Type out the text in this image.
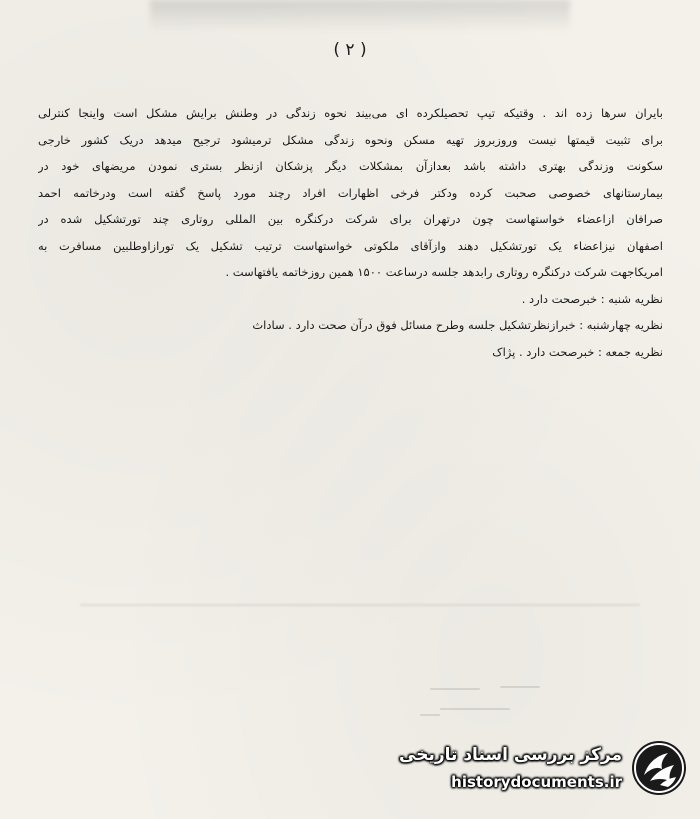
( ۲ )
بایران سرها زده اند . وقتیکه تیپ تحصیلکرده ای می‌بیند نحوه زندگی در وطنش برایش مشکل است واینجا کنترلی
برای تثبیت قیمتها نیست وروزبروز تهیه مسکن ونحوه زندگی مشکل ترمیشود ترجیح میدهد دریک کشور خارجی
سکونت وزندگی بهتری داشته باشد بعدازآن بمشکلات دیگر پزشکان ازنظر بستری نمودن مریضهای خود در
بیمارستانهای خصوصی صحبت کرده ودکتر فرخی اظهارات افراد رچند مورد پاسخ گفته است ودرخاتمه احمد
صرافان ازاعضاء خواستهاست چون درتهران برای شرکت درکنگره بین المللی روتاری چند تورتشکیل شده در
اصفهان نیزاعضاء یک تورتشکیل دهند وازآقای ملکوتی خواستهاست ترتیب تشکیل یک تورازاوطلبین مسافرت به
امریکاجهت شرکت درکنگره روتاری رابدهد جلسه درساعت ۱۵۰۰ همین روزخاتمه یافتهاست .
نظریه شنبه : خبرصحت دارد .
نظریه چهارشنبه : خبرازنظرتشکیل جلسه وطرح مسائل فوق درآن صحت دارد . ساداث
نظریه جمعه : خبرصحت دارد . پژاک
مرکز بررسی اسناد تاریخی
historydocuments.ir
